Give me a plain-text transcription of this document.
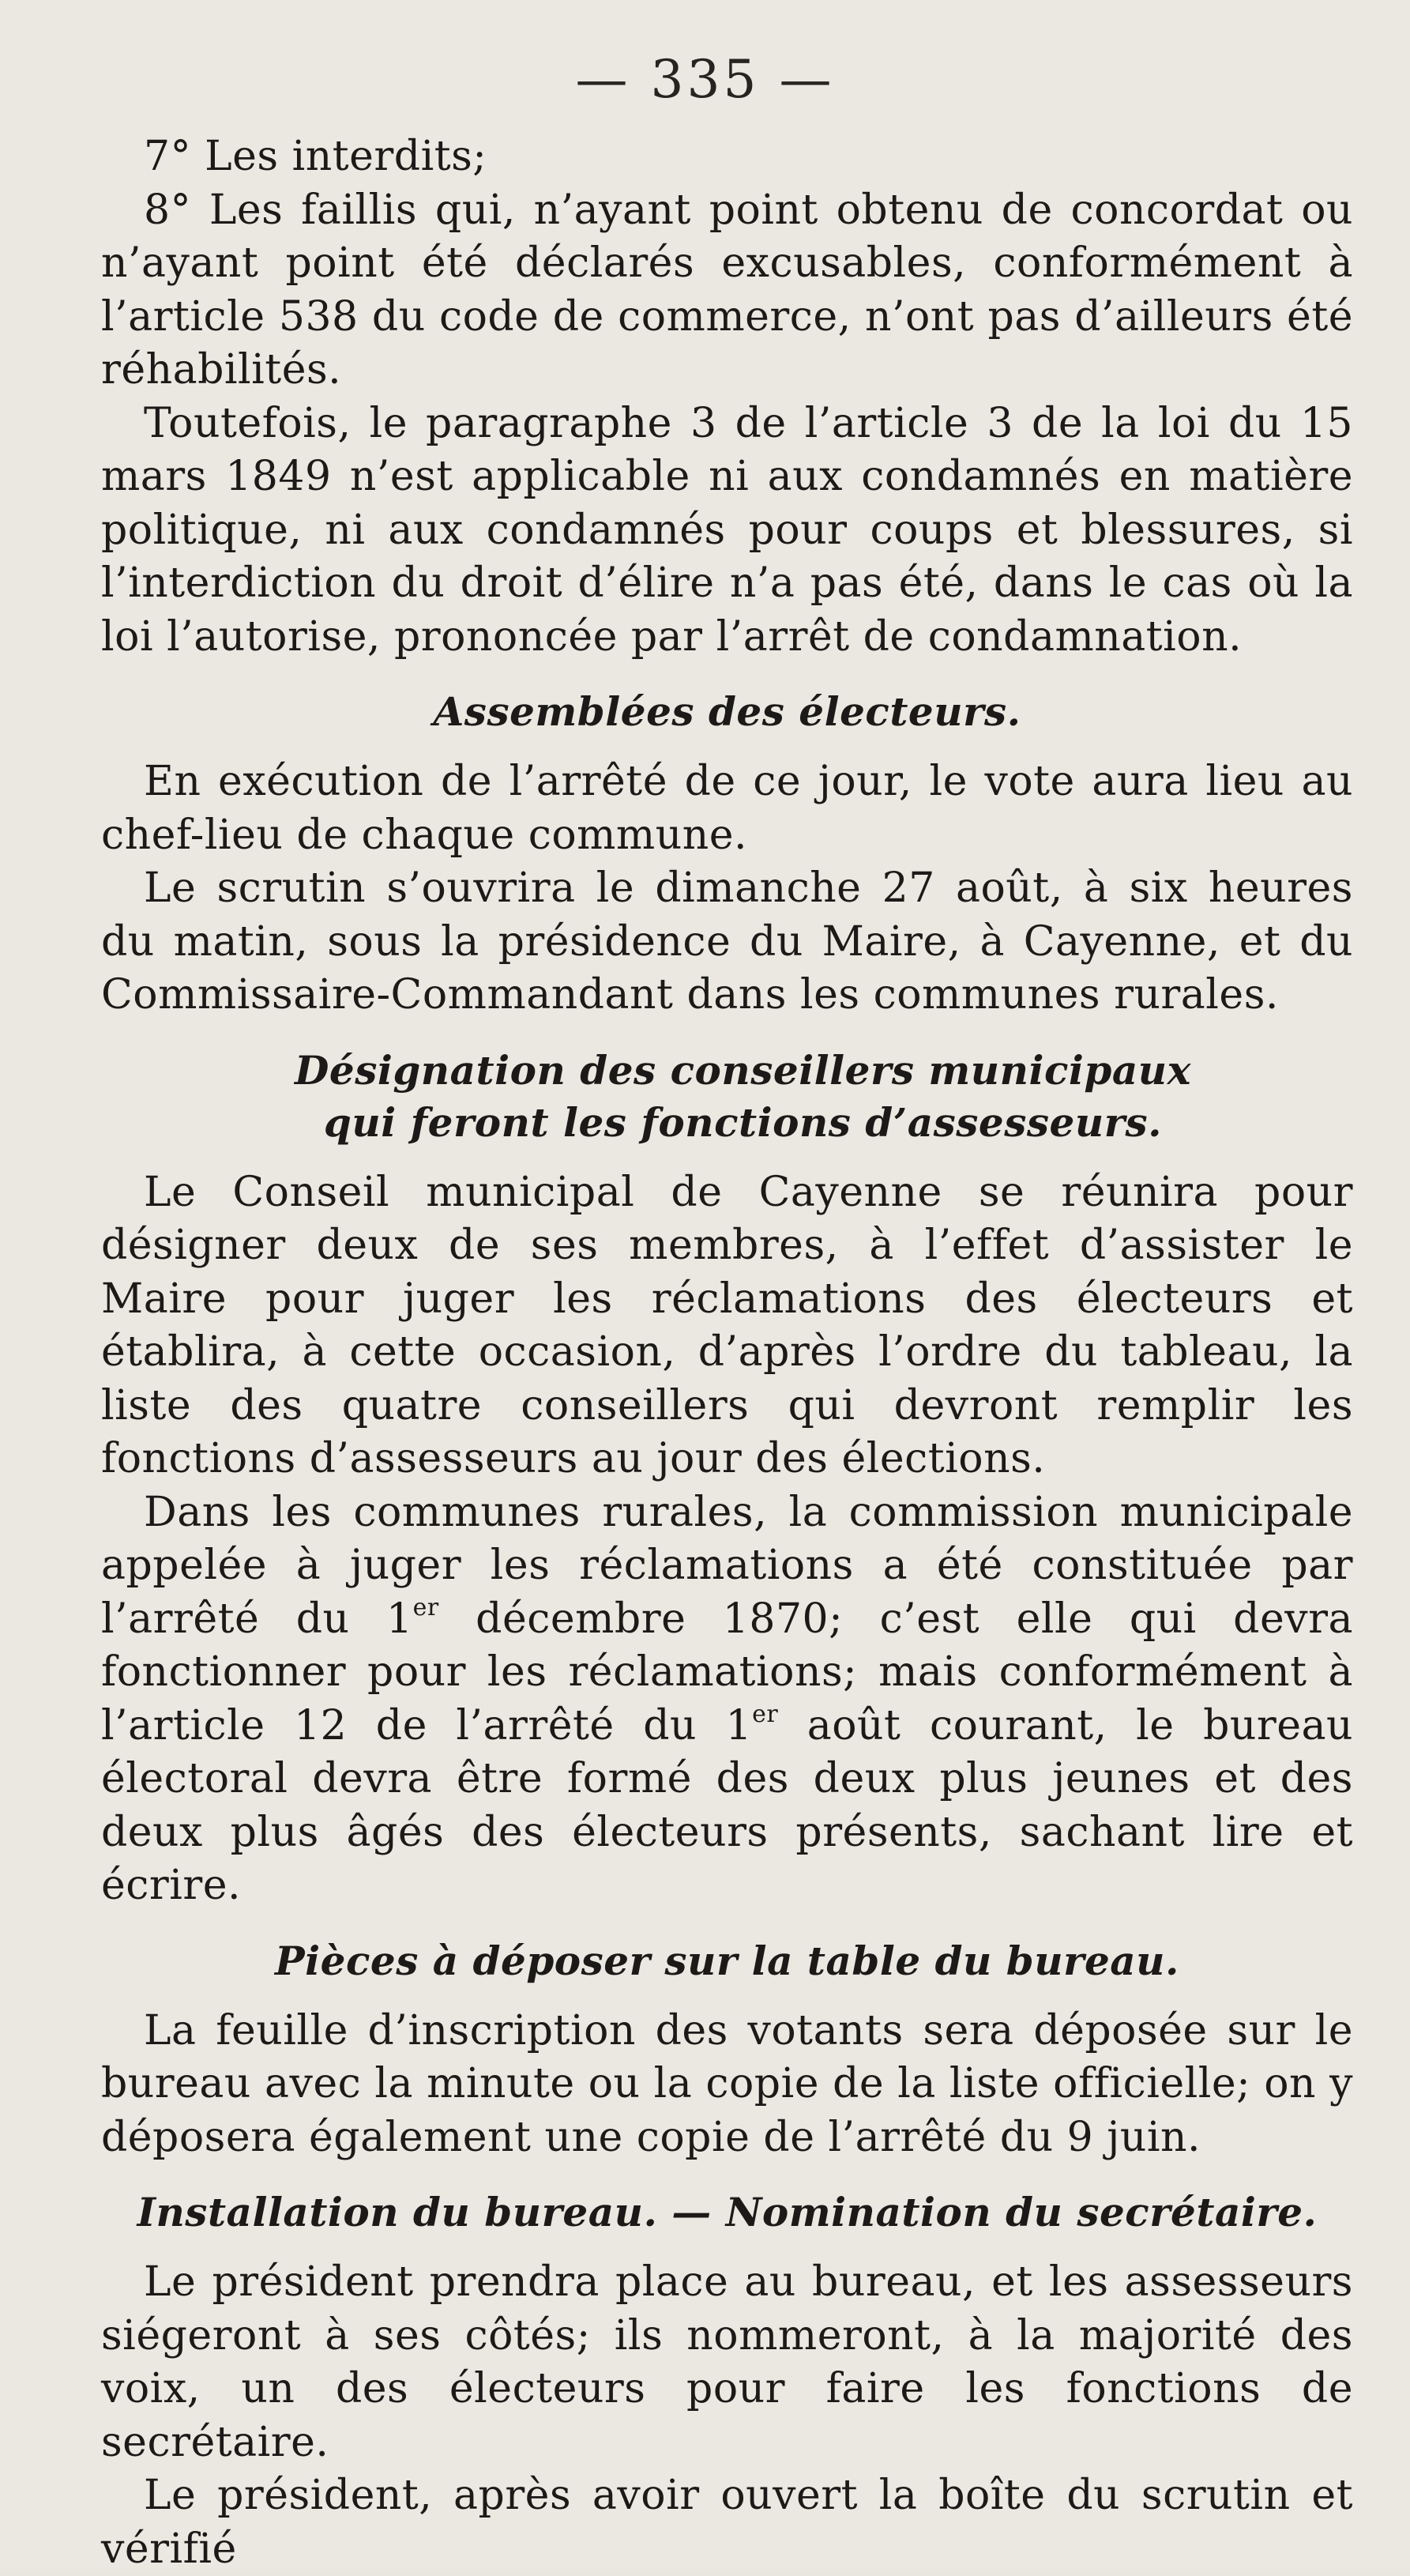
— 335 —

7° Les interdits;

8° Les faillis qui, n’ayant point obtenu de concordat ou n’ayant point été déclarés excusables, conformément à l’article 538 du code de commerce, n’ont pas d’ailleurs été réhabilités.

Toutefois, le paragraphe 3 de l’article 3 de la loi du 15 mars 1849 n’est applicable ni aux condamnés en matière politique, ni aux condamnés pour coups et blessures, si l’interdiction du droit d’élire n’a pas été, dans le cas où la loi l’autorise, prononcée par l’arrêt de condamnation.

Assemblées des électeurs.

En exécution de l’arrêté de ce jour, le vote aura lieu au chef-lieu de chaque commune.

Le scrutin s’ouvrira le dimanche 27 août, à six heures du matin, sous la présidence du Maire, à Cayenne, et du Commissaire-Commandant dans les communes rurales.

Désignation des conseillers municipaux qui feront les fonctions d’assesseurs.

Le Conseil municipal de Cayenne se réunira pour désigner deux de ses membres, à l’effet d’assister le Maire pour juger les réclamations des électeurs et établira, à cette occasion, d’après l’ordre du tableau, la liste des quatre conseillers qui devront remplir les fonctions d’assesseurs au jour des élections.

Dans les communes rurales, la commission municipale appelée à juger les réclamations a été constituée par l’arrêté du 1er décembre 1870; c’est elle qui devra fonctionner pour les réclamations; mais conformément à l’article 12 de l’arrêté du 1er août courant, le bureau électoral devra être formé des deux plus jeunes et des deux plus âgés des électeurs présents, sachant lire et écrire.

Pièces à déposer sur la table du bureau.

La feuille d’inscription des votants sera déposée sur le bureau avec la minute ou la copie de la liste officielle; on y déposera également une copie de l’arrêté du 9 juin.

Installation du bureau. — Nomination du secrétaire.

Le président prendra place au bureau, et les assesseurs siégeront à ses côtés; ils nommeront, à la majorité des voix, un des électeurs pour faire les fonctions de secrétaire.

Le président, après avoir ouvert la boîte du scrutin et vérifié
